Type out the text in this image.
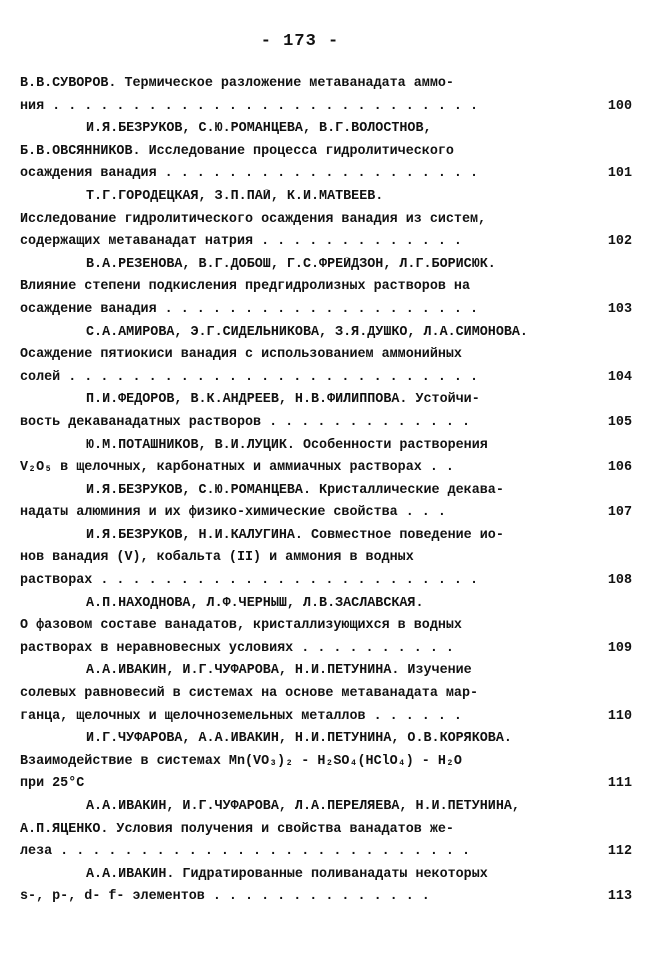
- 173 -
В.В.СУВОРОВ. Термическое разложение метаванадата аммо-
ния . . . . . . . . . . . . . . . . . . . . . . . . . . .	100
И.Я.БЕЗРУКОВ, С.Ю.РОМАНЦЕВА, В.Г.ВОЛОСТНОВ,
Б.В.ОВСЯННИКОВ. Исследование процесса гидролитического
осаждения ванадия . . . . . . . . . . . . . . . . . . . .	101
Т.Г.ГОРОДЕЦКАЯ, З.П.ПАЙ, К.И.МАТВЕЕВ.
Исследование гидролитического осаждения ванадия из систем,
содержащих метаванадат натрия . . . . . . . . . . . . .	102
В.А.РЕЗЕНОВА, В.Г.ДОБОШ, Г.С.ФРЕЙДЗОН, Л.Г.БОРИСЮК.
Влияние степени подкисления предгидролизных растворов на
осаждение ванадия . . . . . . . . . . . . . . . . . . . .	103
С.А.АМИРОВА, Э.Г.СИДЕЛЬНИКОВА, З.Я.ДУШКО, Л.А.СИМОНОВА.
Осаждение пятиокиси ванадия с использованием аммонийных
солей . . . . . . . . . . . . . . . . . . . . . . . . . .	104
П.И.ФЕДОРОВ, В.К.АНДРЕЕВ, Н.В.ФИЛИППОВА. Устойчи-
вость декаванадатных растворов . . . . . . . . . . . . .	105
Ю.М.ПОТАШНИКОВ, В.И.ЛУЦИК. Особенности растворения
V₂O₅ в щелочных, карбонатных и аммиачных растворах . .	106
И.Я.БЕЗРУКОВ, С.Ю.РОМАНЦЕВА. Кристаллические декава-
надаты алюминия и их физико-химические свойства . . .	107
И.Я.БЕЗРУКОВ, Н.И.КАЛУГИНА. Совместное поведение ио-
нов ванадия (V), кобальта (II) и аммония в водных
растворах . . . . . . . . . . . . . . . . . . . . . . . .	108
А.П.НАХОДНОВА, Л.Ф.ЧЕРНЫШ, Л.В.ЗАСЛАВСКАЯ.
О фазовом составе ванадатов, кристаллизующихся в водных
растворах в неравновесных условиях . . . . . . . . . .	109
А.А.ИВАКИН, И.Г.ЧУФАРОВА, Н.И.ПЕТУНИНА. Изучение
солевых равновесий в системах на основе метаванадата мар-
ганца, щелочных и щелочноземельных металлов . . . . . .	110
И.Г.ЧУФАРОВА, А.А.ИВАКИН, Н.И.ПЕТУНИНА, О.В.КОРЯКОВА.
Взаимодействие в системах Mn(VO₃)₂ - H₂SO₄(HClO₄) - H₂O
при 25°C	111
А.А.ИВАКИН, И.Г.ЧУФАРОВА, Л.А.ПЕРЕЛЯЕВА, Н.И.ПЕТУНИНА,
А.П.ЯЦЕНКО. Условия получения и свойства ванадатов же-
леза . . . . . . . . . . . . . . . . . . . . . . . . . .	112
А.А.ИВАКИН. Гидратированные поливанадаты некоторых
s-, p-, d- f- элементов . . . . . . . . . . . . . .	113
